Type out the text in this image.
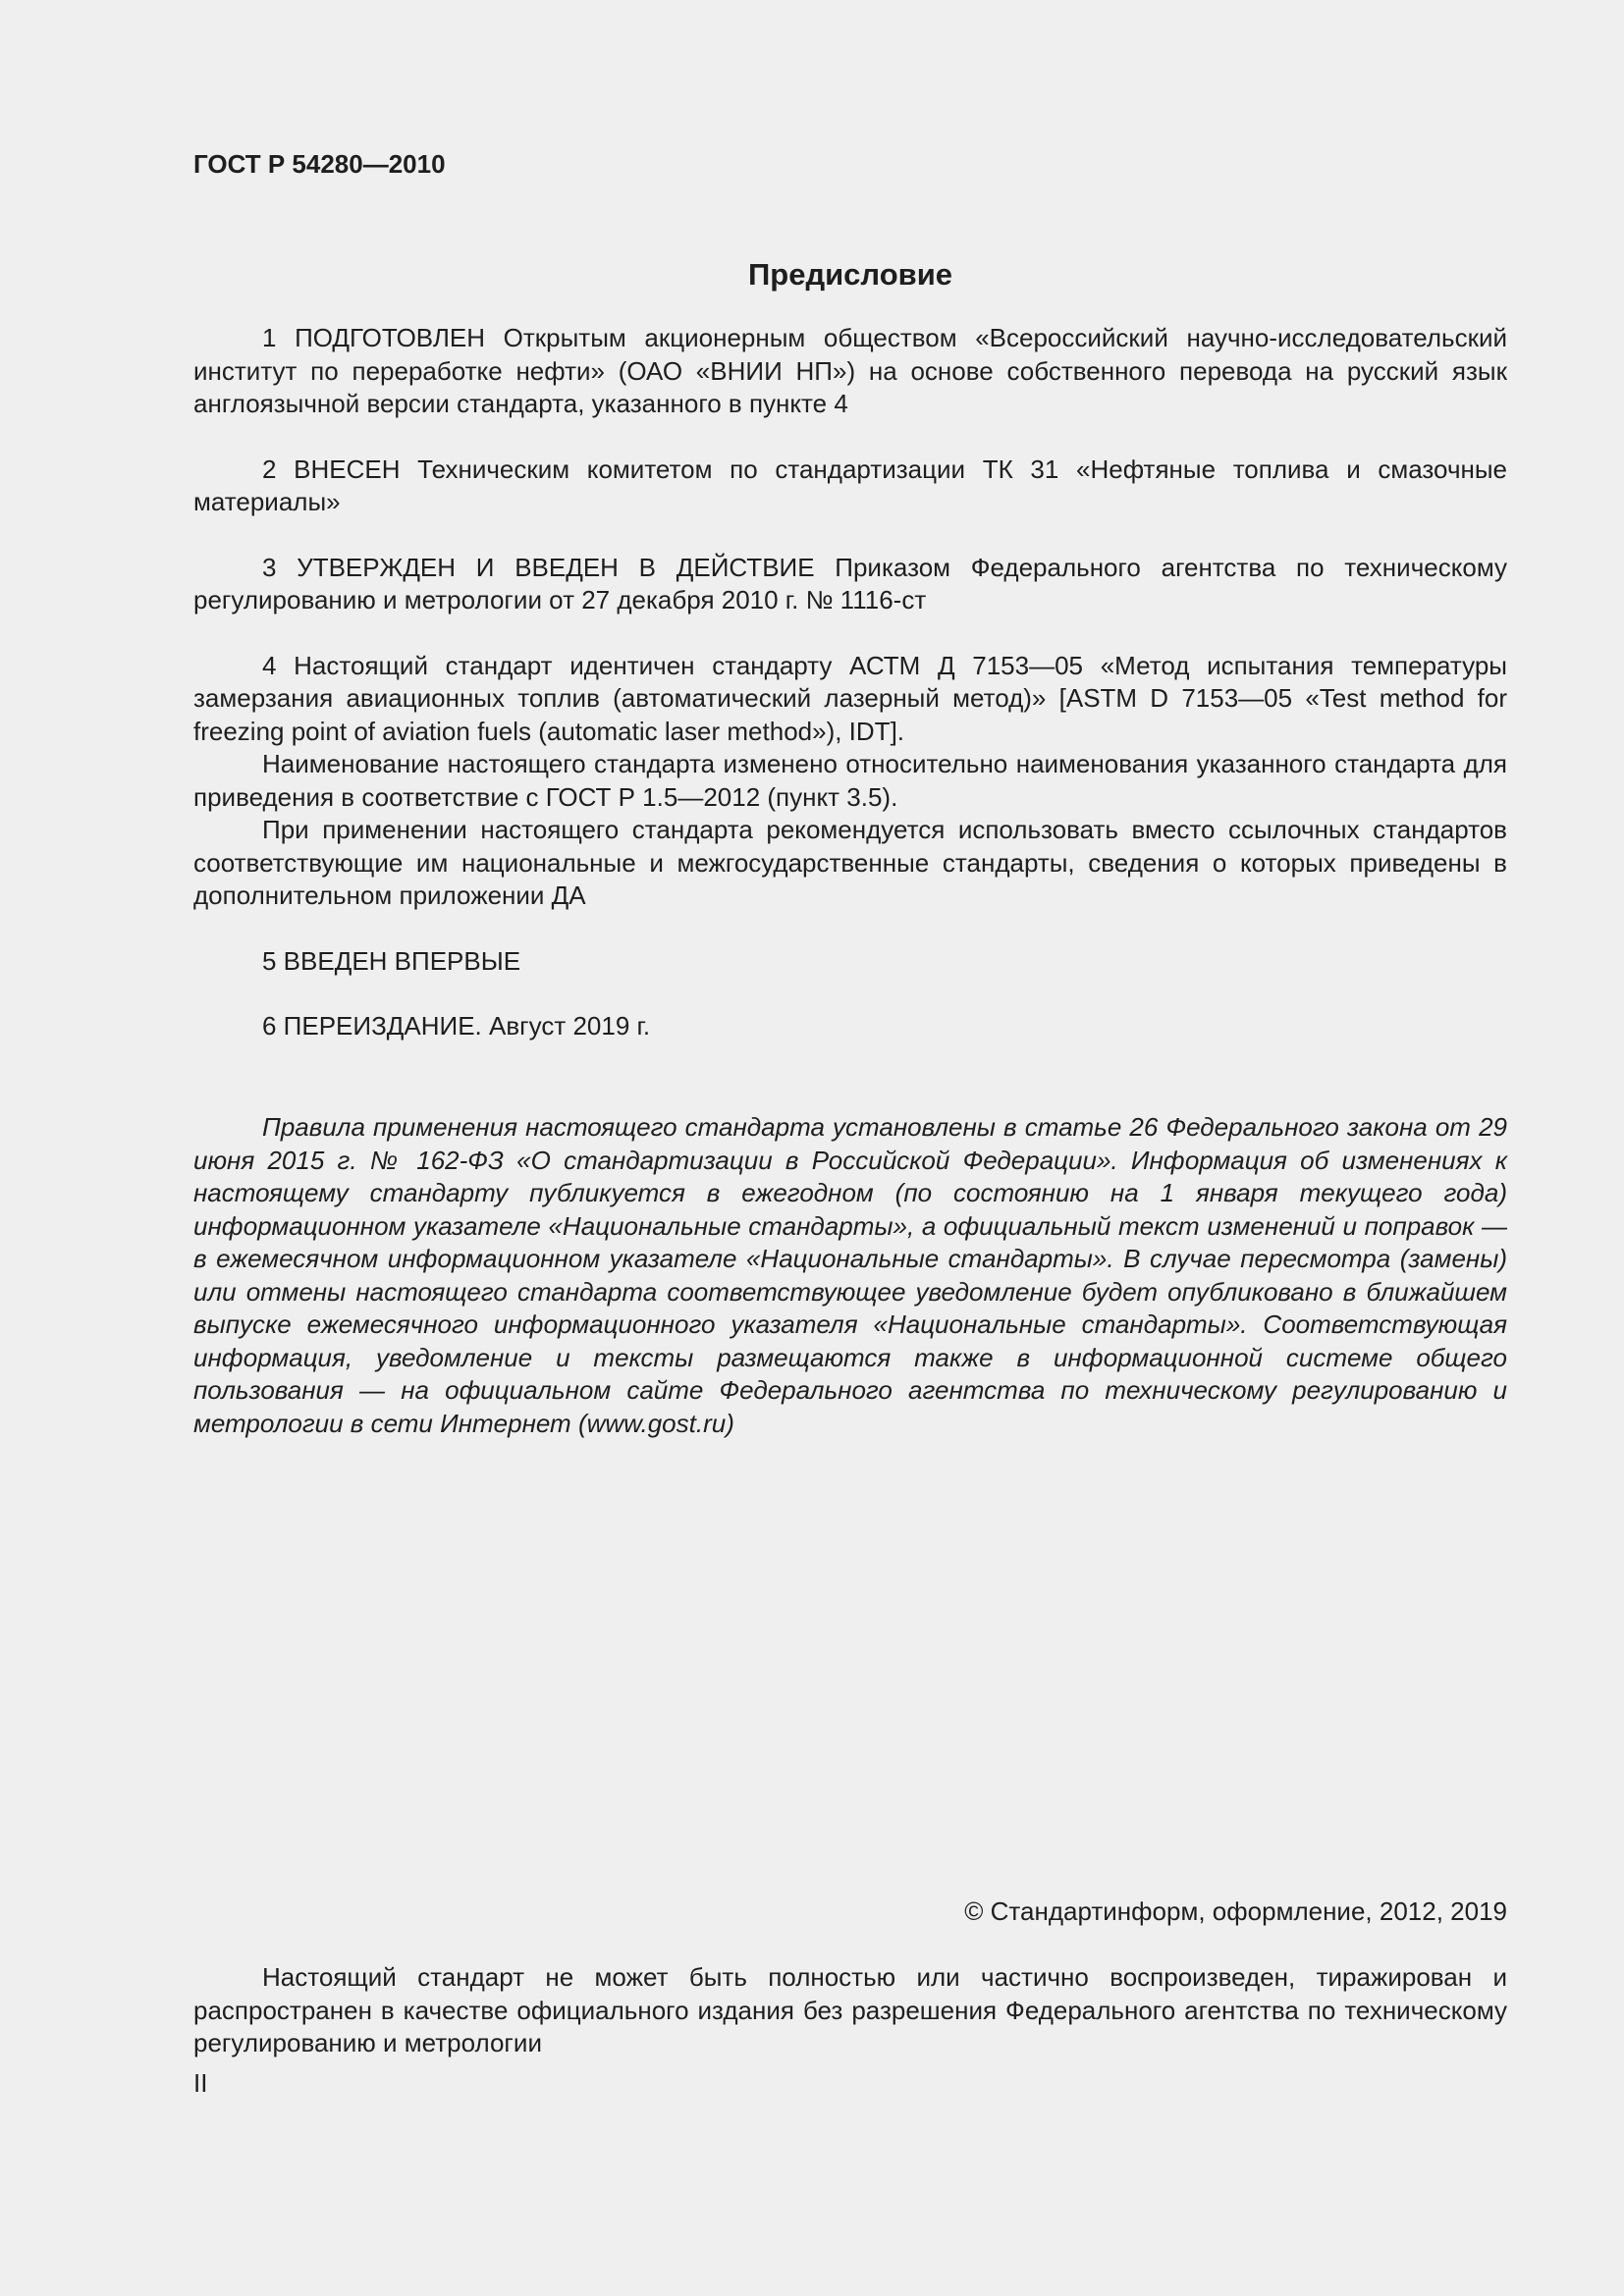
ГОСТ Р 54280—2010
Предисловие

1 ПОДГОТОВЛЕН Открытым акционерным обществом «Всероссийский научно-исследовательский институт по переработке нефти» (ОАО «ВНИИ НП») на основе собственного перевода на русский язык англоязычной версии стандарта, указанного в пункте 4

2 ВНЕСЕН Техническим комитетом по стандартизации ТК 31 «Нефтяные топлива и смазочные материалы»

3 УТВЕРЖДЕН И ВВЕДЕН В ДЕЙСТВИЕ Приказом Федерального агентства по техническому регулированию и метрологии от 27 декабря 2010 г. № 1116-ст

4 Настоящий стандарт идентичен стандарту АСТМ Д 7153—05 «Метод испытания температуры замерзания авиационных топлив (автоматический лазерный метод)» [ASTM D 7153—05 «Test method for freezing point of aviation fuels (automatic laser method»), IDT].

Наименование настоящего стандарта изменено относительно наименования указанного стандарта для приведения в соответствие с ГОСТ Р 1.5—2012 (пункт 3.5).

При применении настоящего стандарта рекомендуется использовать вместо ссылочных стандартов соответствующие им национальные и межгосударственные стандарты, сведения о которых приведены в дополнительном приложении ДА

5 ВВЕДЕН ВПЕРВЫЕ

6 ПЕРЕИЗДАНИЕ. Август 2019 г.

Правила применения настоящего стандарта установлены в статье 26 Федерального закона от 29 июня 2015 г. № 162-ФЗ «О стандартизации в Российской Федерации». Информация об изменениях к настоящему стандарту публикуется в ежегодном (по состоянию на 1 января текущего года) информационном указателе «Национальные стандарты», а официальный текст изменений и поправок — в ежемесячном информационном указателе «Национальные стандарты». В случае пересмотра (замены) или отмены настоящего стандарта соответствующее уведомление будет опубликовано в ближайшем выпуске ежемесячного информационного указателя «Национальные стандарты». Соответствующая информация, уведомление и тексты размещаются также в информационной системе общего пользования — на официальном сайте Федерального агентства по техническому регулированию и метрологии в сети Интернет (www.gost.ru)

© Стандартинформ, оформление, 2012, 2019

Настоящий стандарт не может быть полностью или частично воспроизведен, тиражирован и распространен в качестве официального издания без разрешения Федерального агентства по техническому регулированию и метрологии

II
